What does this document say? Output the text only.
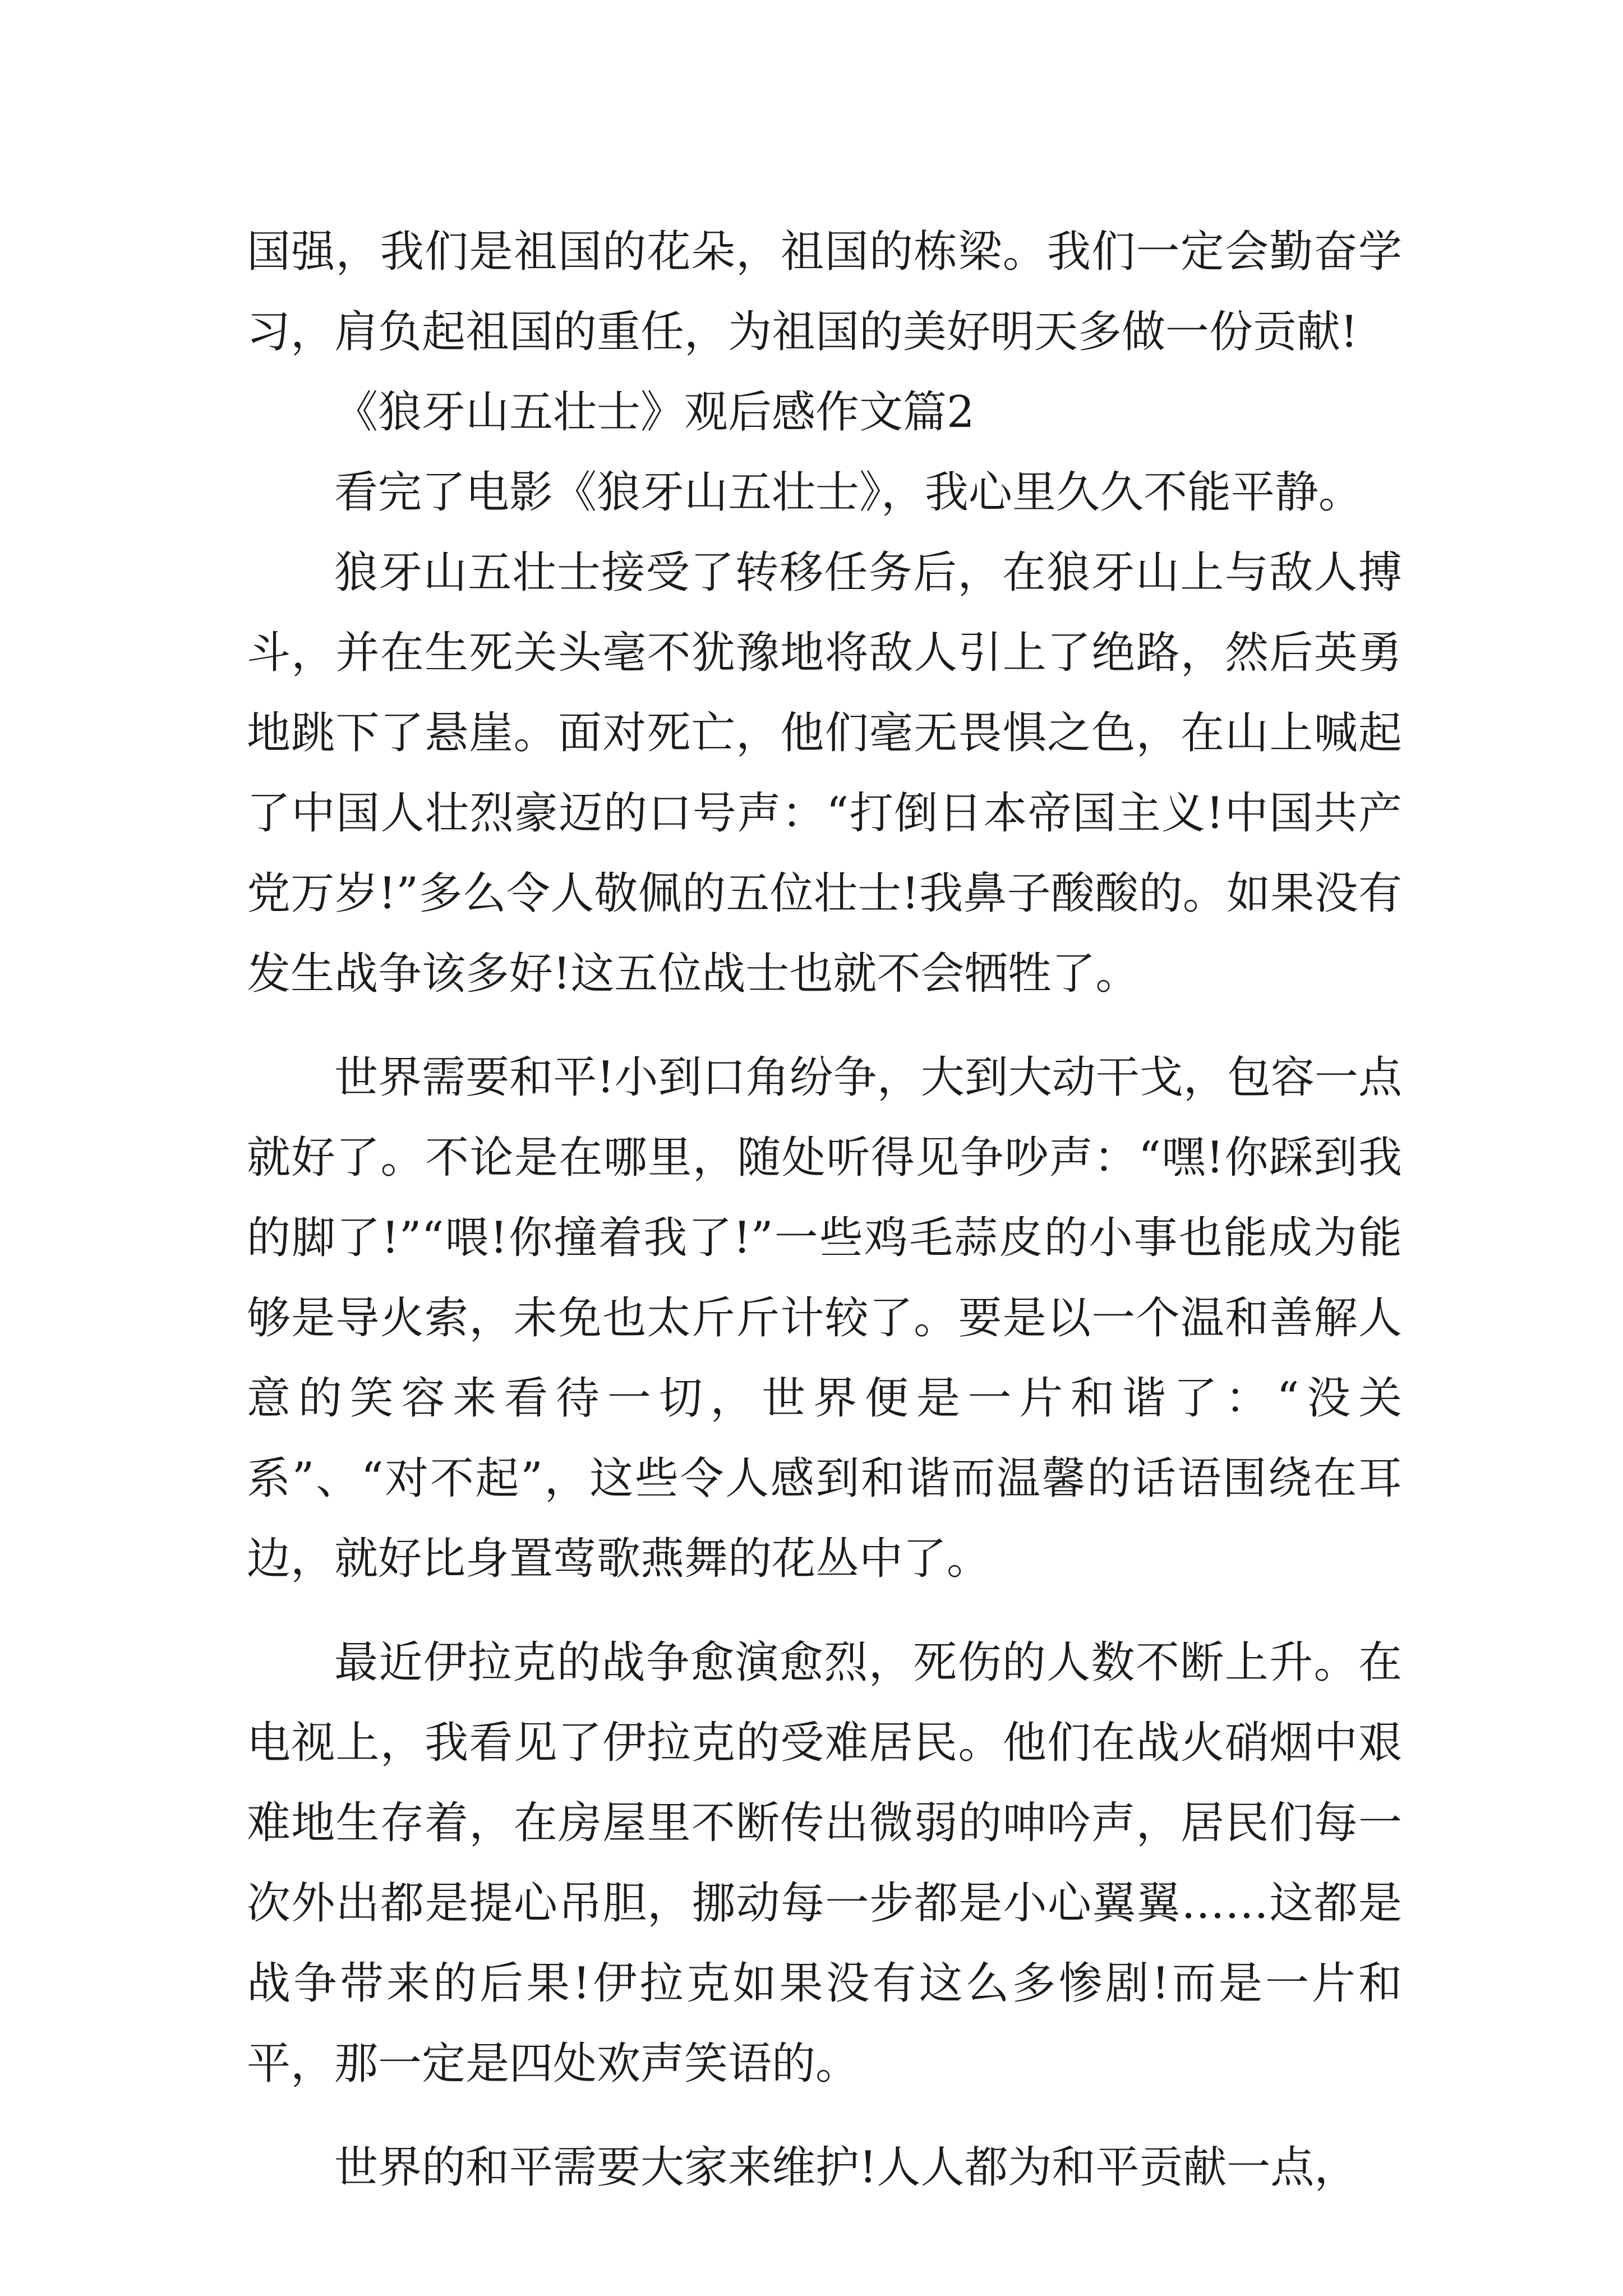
国强，我们是祖国的花朵，祖国的栋梁。我们一定会勤奋学习，肩负起祖国的重任，为祖国的美好明天多做一份贡献!

《狼牙山五壮士》观后感作文篇2

看完了电影《狼牙山五壮士》，我心里久久不能平静。

狼牙山五壮士接受了转移任务后，在狼牙山上与敌人搏斗，并在生死关头毫不犹豫地将敌人引上了绝路，然后英勇地跳下了悬崖。面对死亡，他们毫无畏惧之色，在山上喊起了中国人壮烈豪迈的口号声：“打倒日本帝国主义!中国共产党万岁!”多么令人敬佩的五位壮士!我鼻子酸酸的。如果没有发生战争该多好!这五位战士也就不会牺牲了。

世界需要和平!小到口角纷争，大到大动干戈，包容一点就好了。不论是在哪里，随处听得见争吵声：“嘿!你踩到我的脚了!”“喂!你撞着我了!”一些鸡毛蒜皮的小事也能成为能够是导火索，未免也太斤斤计较了。要是以一个温和善解人意的笑容来看待一切，世界便是一片和谐了：“没关系”、“对不起”，这些令人感到和谐而温馨的话语围绕在耳边，就好比身置莺歌燕舞的花丛中了。

最近伊拉克的战争愈演愈烈，死伤的人数不断上升。在电视上，我看见了伊拉克的受难居民。他们在战火硝烟中艰难地生存着，在房屋里不断传出微弱的呻吟声，居民们每一次外出都是提心吊胆，挪动每一步都是小心翼翼……这都是战争带来的后果!伊拉克如果没有这么多惨剧!而是一片和平，那一定是四处欢声笑语的。

世界的和平需要大家来维护!人人都为和平贡献一点，
